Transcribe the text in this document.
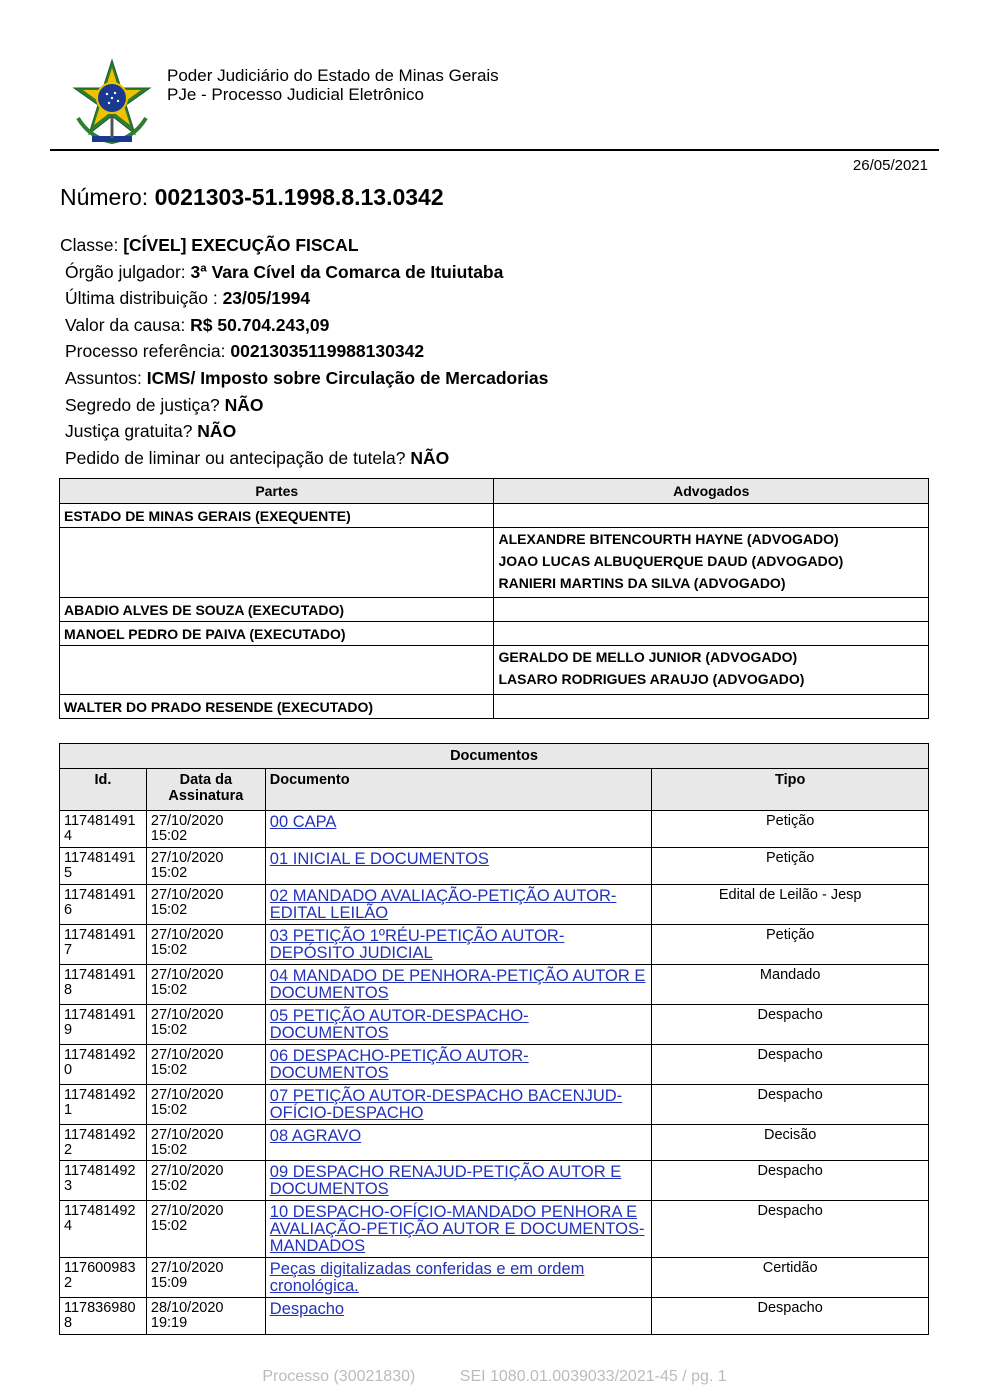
Poder Judiciário do Estado de Minas Gerais
PJe - Processo Judicial Eletrônico
26/05/2021
Número: 0021303-51.1998.8.13.0342
Classe: [CÍVEL] EXECUÇÃO FISCAL
Órgão julgador: 3ª Vara Cível da Comarca de Ituiutaba
Última distribuição : 23/05/1994
Valor da causa: R$ 50.704.243,09
Processo referência: 00213035119988130342
Assuntos: ICMS/ Imposto sobre Circulação de Mercadorias
Segredo de justiça? NÃO
Justiça gratuita? NÃO
Pedido de liminar ou antecipação de tutela? NÃO
Partes	Advogados
ESTADO DE MINAS GERAIS (EXEQUENTE)	

	ALEXANDRE BITENCOURTH HAYNE (ADVOGADO)
JOAO LUCAS ALBUQUERQUE DAUD (ADVOGADO)
RANIERI MARTINS DA SILVA (ADVOGADO)

ABADIO ALVES DE SOUZA (EXECUTADO)	
MANOEL PEDRO DE PAIVA (EXECUTADO)	

	GERALDO DE MELLO JUNIOR (ADVOGADO)
LASARO RODRIGUES ARAUJO (ADVOGADO)

WALTER DO PRADO RESENDE (EXECUTADO)	
Documentos			
Id.	Data da Assinatura	Documento	Tipo
117481491 4	27/10/2020 15:02	00 CAPA	Petição
117481491 5	27/10/2020 15:02	01 INICIAL E DOCUMENTOS	Petição
117481491 6	27/10/2020 15:02	02 MANDADO AVALIAÇÃO-PETIÇÃO AUTOR-EDITAL LEILÃO	Edital de Leilão - Jesp
117481491 7	27/10/2020 15:02	03 PETIÇÃO 1ºRÉU-PETIÇÃO AUTOR-DEPÓSITO JUDICIAL	Petição
117481491 8	27/10/2020 15:02	04 MANDADO DE PENHORA-PETIÇÃO AUTOR E DOCUMENTOS	Mandado
117481491 9	27/10/2020 15:02	05 PETIÇÃO AUTOR-DESPACHO-DOCUMENTOS	Despacho
117481492 0	27/10/2020 15:02	06 DESPACHO-PETIÇÃO AUTOR-DOCUMENTOS	Despacho
117481492 1	27/10/2020 15:02	07 PETIÇÃO AUTOR-DESPACHO BACENJUD-OFÍCIO-DESPACHO	Despacho
117481492 2	27/10/2020 15:02	08 AGRAVO	Decisão
117481492 3	27/10/2020 15:02	09 DESPACHO RENAJUD-PETIÇÃO AUTOR E DOCUMENTOS	Despacho
117481492 4	27/10/2020 15:02	10 DESPACHO-OFÍCIO-MANDADO PENHORA E AVALIAÇÃO-PETIÇÃO AUTOR E DOCUMENTOS-MANDADOS	Despacho
117600983 2	27/10/2020 15:09	Peças digitalizadas conferidas e em ordem cronológica.	Certidão
117836980 8	28/10/2020 19:19	Despacho	Despacho
Processo (30021830)          SEI 1080.01.0039033/2021-45 / pg. 1
